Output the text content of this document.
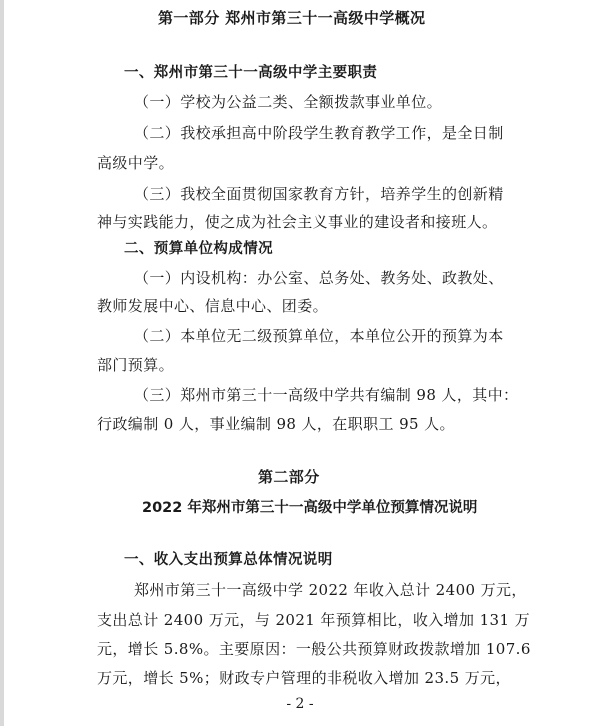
第一部分 郑州市第三十一高级中学概况
一、郑州市第三十一高级中学主要职责
（一）学校为公益二类、全额拨款事业单位。
（二）我校承担高中阶段学生教育教学工作，是全日制
高级中学。
（三）我校全面贯彻国家教育方针，培养学生的创新精
神与实践能力，使之成为社会主义事业的建设者和接班人。
二、预算单位构成情况
（一）内设机构：办公室、总务处、教务处、政教处、
教师发展中心、信息中心、团委。
（二）本单位无二级预算单位，本单位公开的预算为本
部门预算。
（三）郑州市第三十一高级中学共有编制 98 人，其中：
行政编制 0 人，事业编制 98 人，在职职工 95 人。
第二部分
2022 年郑州市第三十一高级中学单位预算情况说明
一、收入支出预算总体情况说明
郑州市第三十一高级中学 2022 年收入总计 2400 万元，
支出总计 2400 万元，与 2021 年预算相比，收入增加 131 万
元，增长 5.8%。主要原因：一般公共预算财政拨款增加 107.6
万元，增长 5%；财政专户管理的非税收入增加 23.5 万元，
- 2 -
